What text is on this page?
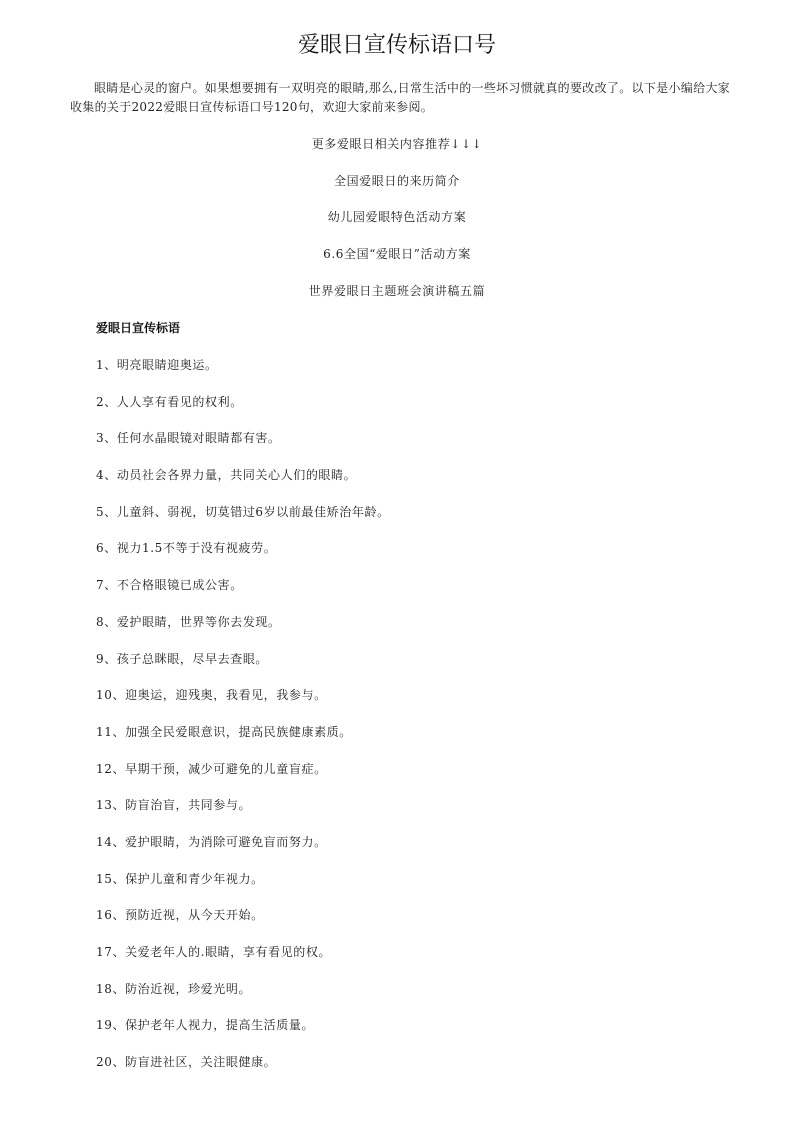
爱眼日宣传标语口号

眼睛是心灵的窗户。如果想要拥有一双明亮的眼睛,那么,日常生活中的一些坏习惯就真的要改改了。以下是小编给大家收集的关于2022爱眼日宣传标语口号120句，欢迎大家前来参阅。

更多爱眼日相关内容推荐↓↓↓

全国爱眼日的来历简介

幼儿园爱眼特色活动方案

6.6全国“爱眼日”活动方案

世界爱眼日主题班会演讲稿五篇

爱眼日宣传标语

1、明亮眼睛迎奥运。
2、人人享有看见的权利。
3、任何水晶眼镜对眼睛都有害。
4、动员社会各界力量，共同关心人们的眼睛。
5、儿童斜、弱视，切莫错过6岁以前最佳矫治年龄。
6、视力1.5不等于没有视疲劳。
7、不合格眼镜已成公害。
8、爱护眼睛，世界等你去发现。
9、孩子总眯眼，尽早去查眼。
10、迎奥运，迎残奥，我看见，我参与。
11、加强全民爱眼意识，提高民族健康素质。
12、早期干预，减少可避免的儿童盲症。
13、防盲治盲，共同参与。
14、爱护眼睛，为消除可避免盲而努力。
15、保护儿童和青少年视力。
16、预防近视，从今天开始。
17、关爱老年人的.眼睛，享有看见的权。
18、防治近视，珍爱光明。
19、保护老年人视力，提高生活质量。
20、防盲进社区，关注眼健康。
